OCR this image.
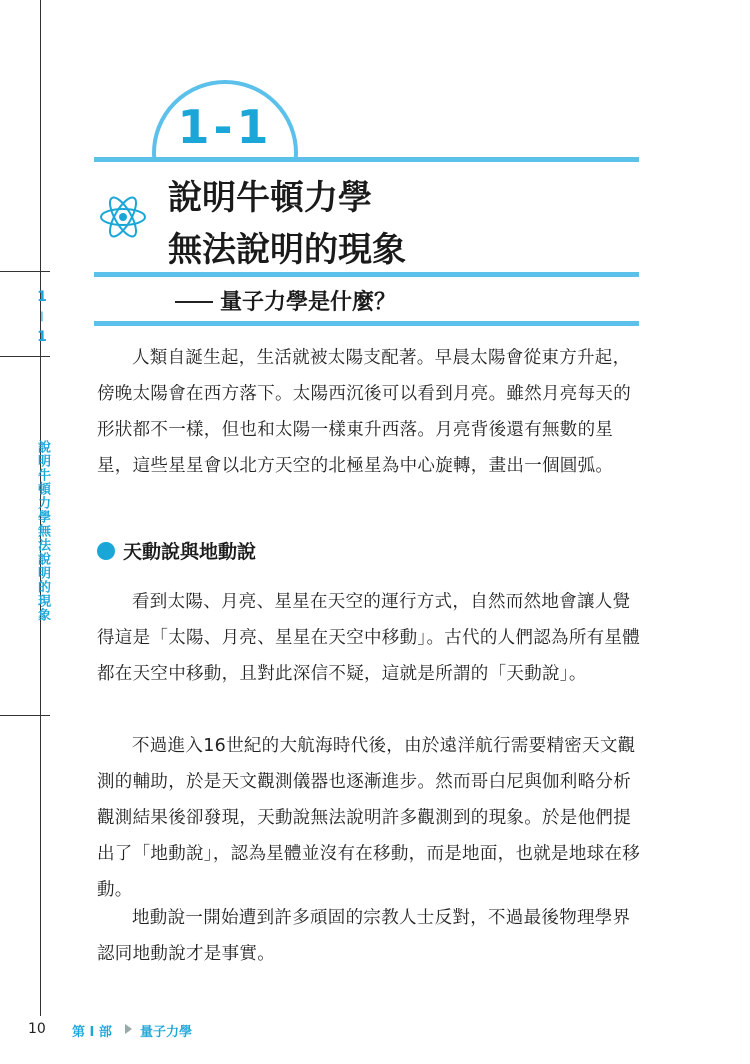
1
|
1
說明牛頓力學無法說明的現象
1-1
說明牛頓力學
無法說明的現象
量子力學是什麼？

人類自誕生起，生活就被太陽支配著。早晨太陽會從東方升起，傍晚太陽會在西方落下。太陽西沉後可以看到月亮。雖然月亮每天的形狀都不一樣，但也和太陽一樣東升西落。月亮背後還有無數的星星，這些星星會以北方天空的北極星為中心旋轉，畫出一個圓弧。

天動說與地動說

看到太陽、月亮、星星在天空的運行方式，自然而然地會讓人覺得這是「太陽、月亮、星星在天空中移動」。古代的人們認為所有星體都在天空中移動，且對此深信不疑，這就是所謂的「天動說」。

不過進入16世紀的大航海時代後，由於遠洋航行需要精密天文觀測的輔助，於是天文觀測儀器也逐漸進步。然而哥白尼與伽利略分析觀測結果後卻發現，天動說無法說明許多觀測到的現象。於是他們提出了「地動說」，認為星體並沒有在移動，而是地面，也就是地球在移動。

地動說一開始遭到許多頑固的宗教人士反對，不過最後物理學界認同地動說才是事實。

10 第 I 部 量子力學
